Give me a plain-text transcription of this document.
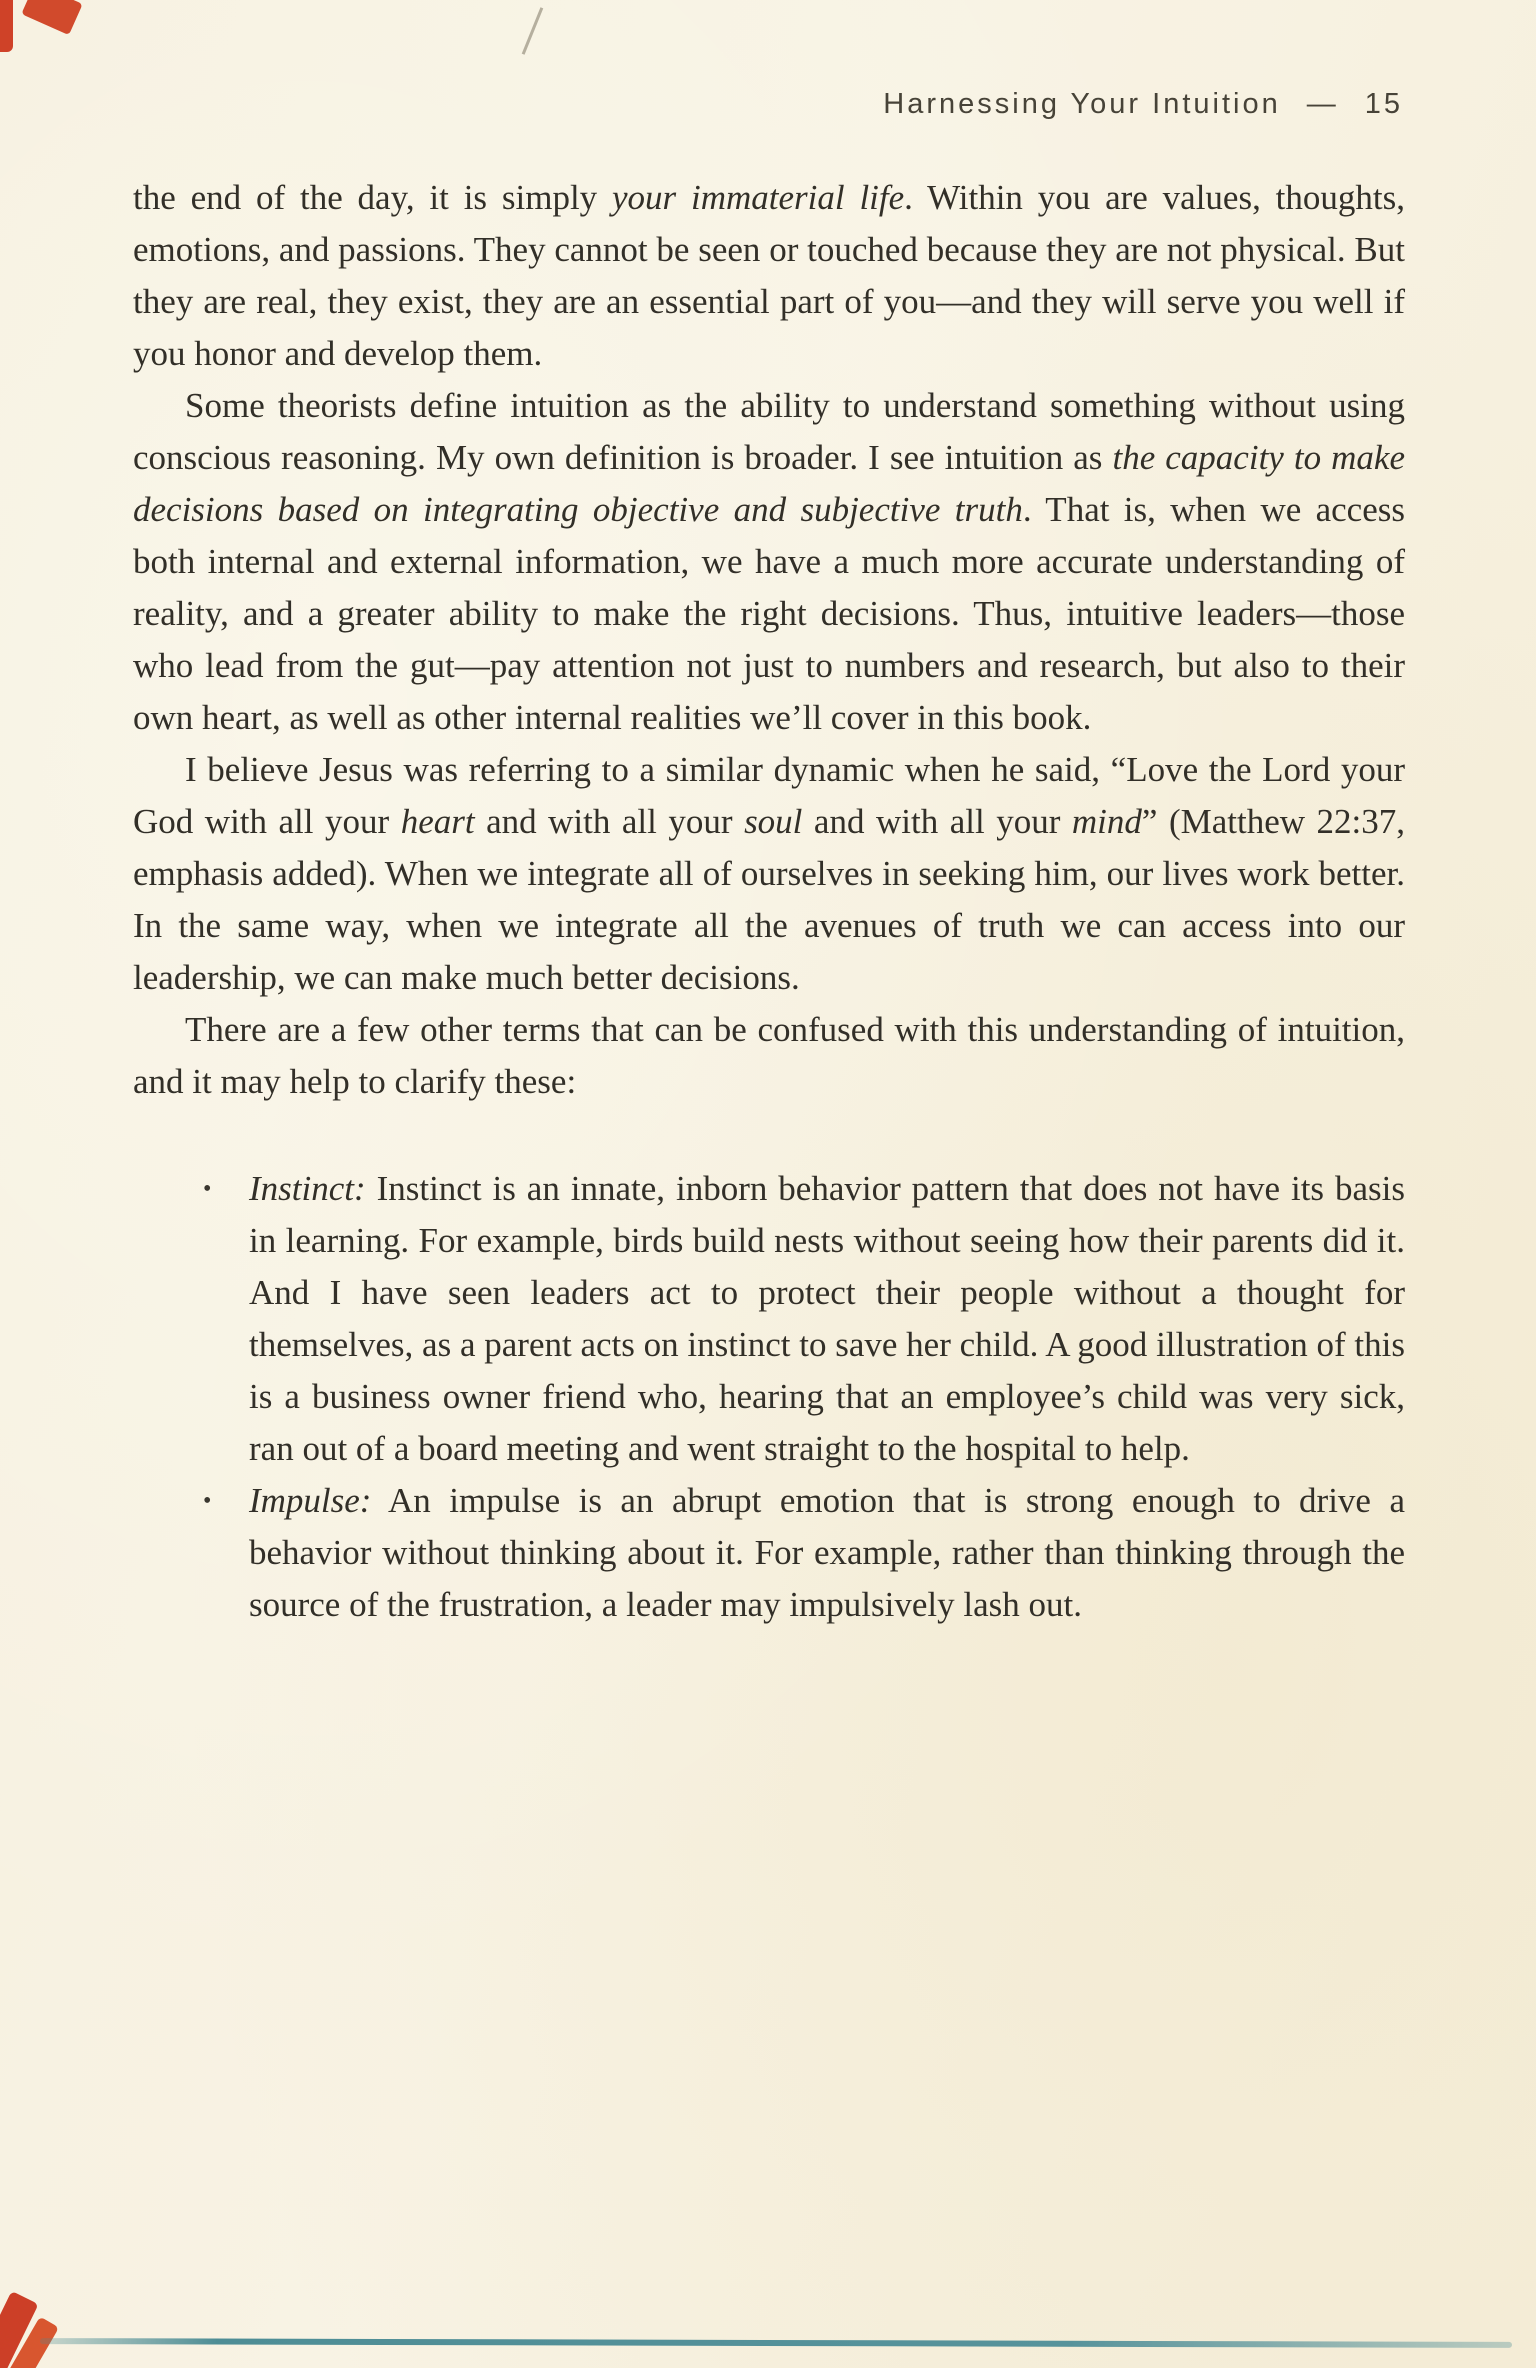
Harnessing Your Intuition — 15

the end of the day, it is simply your immaterial life. Within you are values, thoughts, emotions, and passions. They cannot be seen or touched because they are not physical. But they are real, they exist, they are an essential part of you—and they will serve you well if you honor and develop them.

Some theorists define intuition as the ability to understand something without using conscious reasoning. My own definition is broader. I see intuition as the capacity to make decisions based on integrating objective and subjective truth. That is, when we access both internal and external information, we have a much more accurate understanding of reality, and a greater ability to make the right decisions. Thus, intuitive leaders—those who lead from the gut—pay attention not just to numbers and research, but also to their own heart, as well as other internal realities we’ll cover in this book.

I believe Jesus was referring to a similar dynamic when he said, “Love the Lord your God with all your heart and with all your soul and with all your mind” (Matthew 22:37, emphasis added). When we integrate all of ourselves in seeking him, our lives work better. In the same way, when we integrate all the avenues of truth we can access into our leadership, we can make much better decisions.

There are a few other terms that can be confused with this understanding of intuition, and it may help to clarify these:

•	Instinct: Instinct is an innate, inborn behavior pattern that does not have its basis in learning. For example, birds build nests without seeing how their parents did it. And I have seen leaders act to protect their people without a thought for themselves, as a parent acts on instinct to save her child. A good illustration of this is a business owner friend who, hearing that an employee’s child was very sick, ran out of a board meeting and went straight to the hospital to help.
•	Impulse: An impulse is an abrupt emotion that is strong enough to drive a behavior without thinking about it. For example, rather than thinking through the source of the frustration, a leader may impulsively lash out.
